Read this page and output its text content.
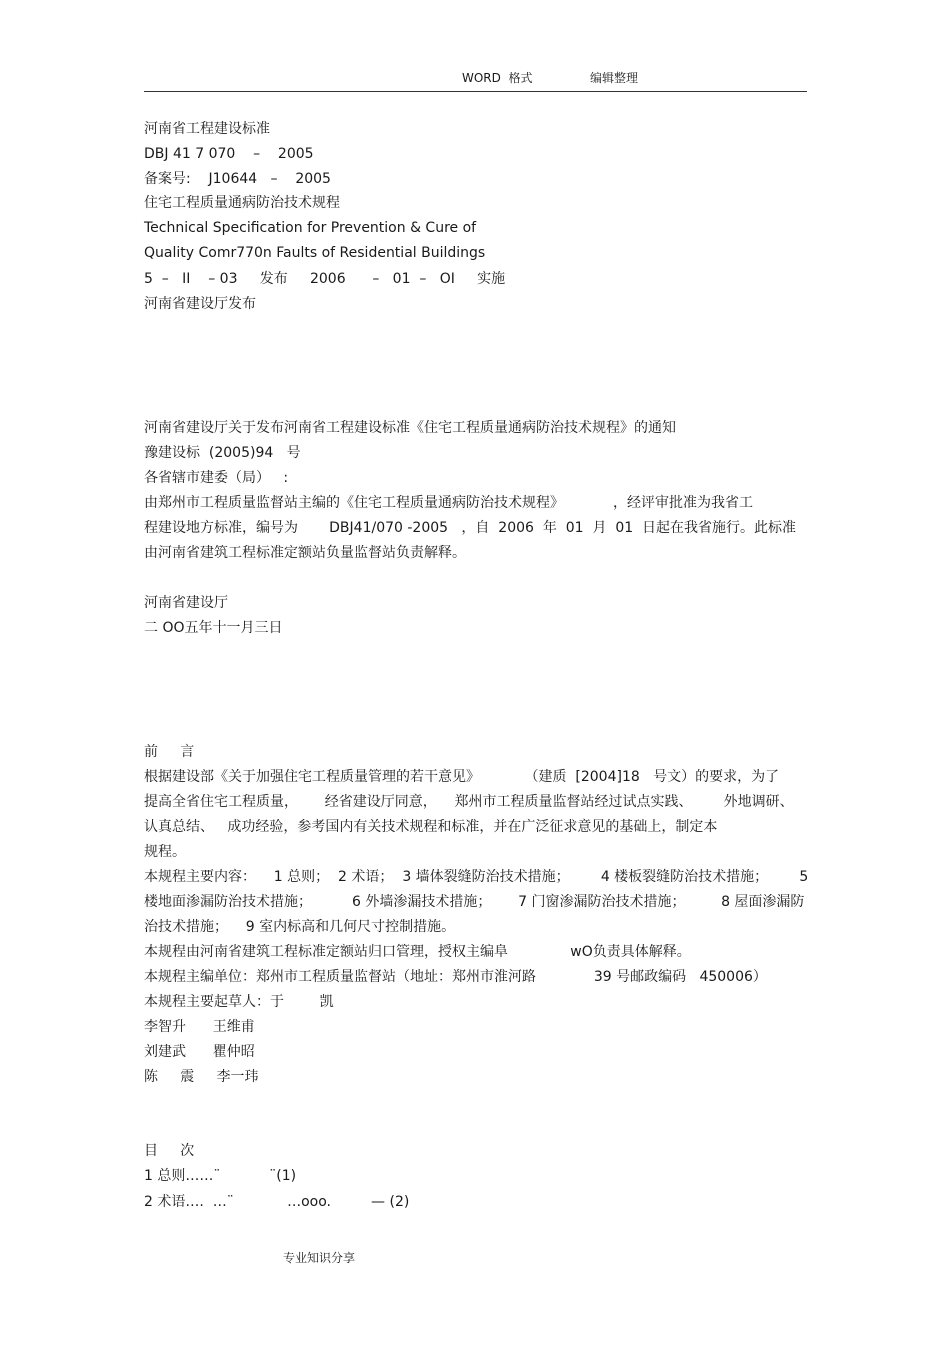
WORD  格式	编辑整理

河南省工程建设标准

DBJ 41 7 070    –    2005

备案号:    J10644   –    2005

住宅工程质量通病防治技术规程

Technical Specification for Prevention & Cure of

Quality Comr770n Faults of Residential Buildings

5  –   II    – 03     发布     2006      –   01  –   OI     实施

河南省建设厅发布

河南省建设厅关于发布河南省工程建设标准《住宅工程质量通病防治技术规程》的通知

豫建设标  (2005)94   号

各省辖市建委（局）   :

由郑州市工程质量监督站主编的《住宅工程质量通病防治技术规程》           ，经评审批准为我省工

程建设地方标准，编号为       DBJ41/070 -2005   ，自  2006  年  01  月  01  日起在我省施行。此标准

由河南省建筑工程标准定额站负量监督站负责解释。

河南省建设厅

二 OO五年十一月三日

前     言

根据建设部《关于加强住宅工程质量管理的若干意见》          （建质  [2004]18   号文）的要求，为了

提高全省住宅工程质量，      经省建设厅同意，    郑州市工程质量监督站经过试点实践、       外地调研、

认真总结、   成功经验，参考国内有关技术规程和标准，并在广泛征求意见的基础上，制定本

规程。

本规程主要内容：    1 总则；  2 术语；  3 墙体裂缝防治技术措施；       4 楼板裂缝防治技术措施；       5

楼地面渗漏防治技术措施；         6 外墙渗漏技术措施；      7 门窗渗漏防治技术措施；        8 屋面渗漏防

治技术措施；    9 室内标高和几何尺寸控制措施。

本规程由河南省建筑工程标准定额站归口管理，授权主编阜              wO负责具体解释。

本规程主编单位：郑州市工程质量监督站（地址：郑州市淮河路             39 号邮政编码   450006）

本规程主要起草人：于        凯

李智升      王维甫

刘建武      瞿仲昭

陈     震     李一玮

目     次

1 总则……¨           ¨(1)

2 术语….  …¨            …ooo.         — (2)

专业知识分享
